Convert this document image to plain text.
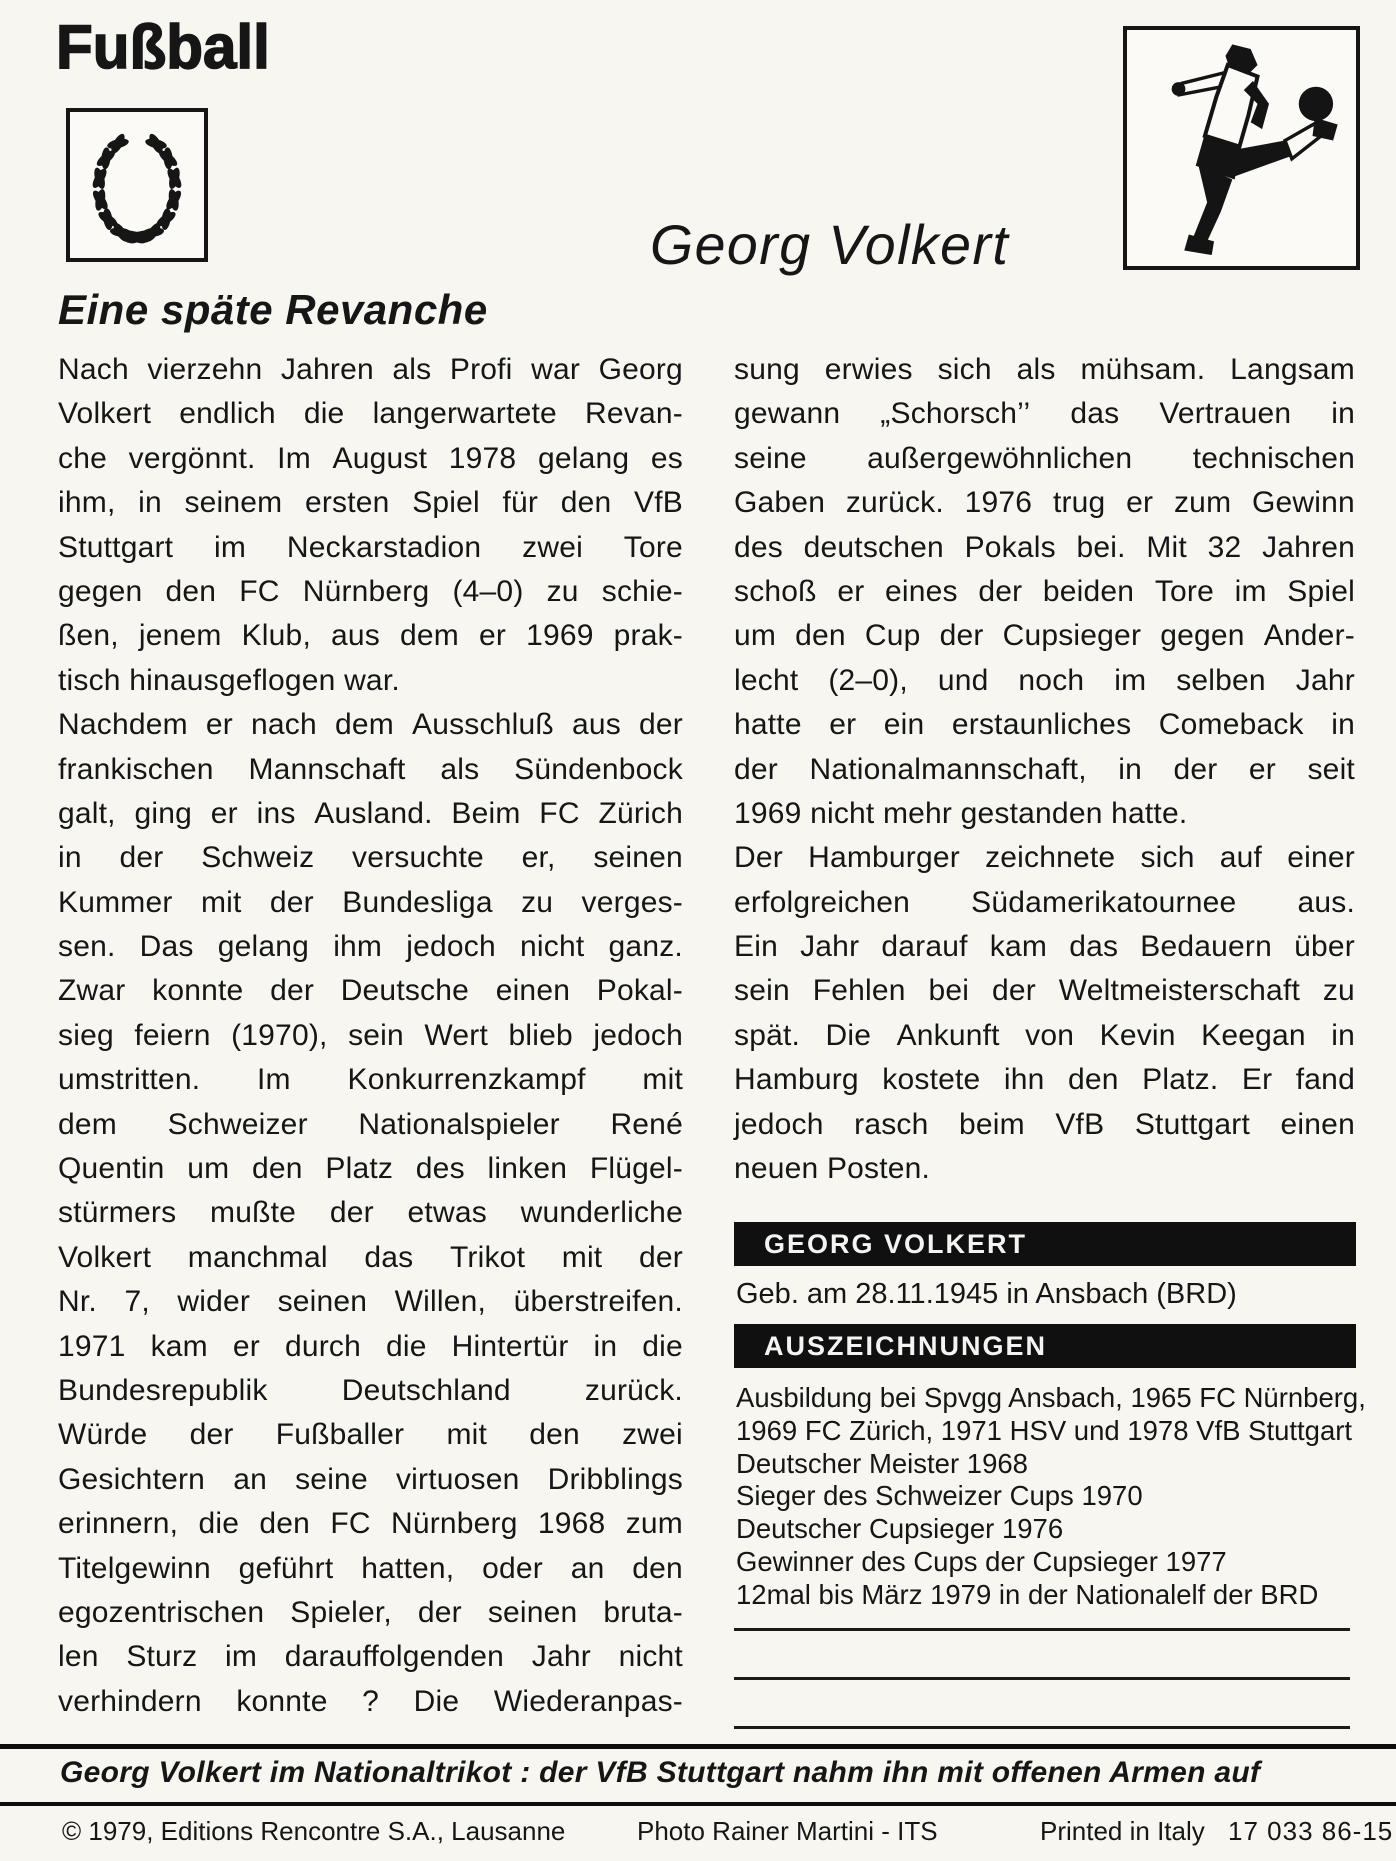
Fußball
Georg Volkert
Eine späte Revanche
Nach vierzehn Jahren als Profi war Georg
Volkert endlich die langerwartete Revan-
che vergönnt. Im August 1978 gelang es
ihm, in seinem ersten Spiel für den VfB
Stuttgart im Neckarstadion zwei Tore
gegen den FC Nürnberg (4–0) zu schie-
ßen, jenem Klub, aus dem er 1969 prak-
tisch hinausgeflogen war.
Nachdem er nach dem Ausschluß aus der
frankischen Mannschaft als Sündenbock
galt, ging er ins Ausland. Beim FC Zürich
in der Schweiz versuchte er, seinen
Kummer mit der Bundesliga zu verges-
sen. Das gelang ihm jedoch nicht ganz.
Zwar konnte der Deutsche einen Pokal-
sieg feiern (1970), sein Wert blieb jedoch
umstritten. Im Konkurrenzkampf mit
dem Schweizer Nationalspieler René
Quentin um den Platz des linken Flügel-
stürmers mußte der etwas wunderliche
Volkert manchmal das Trikot mit der
Nr. 7, wider seinen Willen, überstreifen.
1971 kam er durch die Hintertür in die
Bundesrepublik Deutschland zurück.
Würde der Fußballer mit den zwei
Gesichtern an seine virtuosen Dribblings
erinnern, die den FC Nürnberg 1968 zum
Titelgewinn geführt hatten, oder an den
egozentrischen Spieler, der seinen bruta-
len Sturz im darauffolgenden Jahr nicht
verhindern konnte ? Die Wiederanpas-
sung erwies sich als mühsam. Langsam
gewann „Schorsch’’ das Vertrauen in
seine außergewöhnlichen technischen
Gaben zurück. 1976 trug er zum Gewinn
des deutschen Pokals bei. Mit 32 Jahren
schoß er eines der beiden Tore im Spiel
um den Cup der Cupsieger gegen Ander-
lecht (2–0), und noch im selben Jahr
hatte er ein erstaunliches Comeback in
der Nationalmannschaft, in der er seit
1969 nicht mehr gestanden hatte.
Der Hamburger zeichnete sich auf einer
erfolgreichen Südamerikatournee aus.
Ein Jahr darauf kam das Bedauern über
sein Fehlen bei der Weltmeisterschaft zu
spät. Die Ankunft von Kevin Keegan in
Hamburg kostete ihn den Platz. Er fand
jedoch rasch beim VfB Stuttgart einen
neuen Posten.
GEORG VOLKERT
Geb. am 28.11.1945 in Ansbach (BRD)
AUSZEICHNUNGEN
Ausbildung bei Spvgg Ansbach, 1965 FC Nürnberg,
1969 FC Zürich, 1971 HSV und 1978 VfB Stuttgart
Deutscher Meister 1968
Sieger des Schweizer Cups 1970
Deutscher Cupsieger 1976
Gewinner des Cups der Cupsieger 1977
12mal bis März 1979 in der Nationalelf der BRD
Georg Volkert im Nationaltrikot : der VfB Stuttgart nahm ihn mit offenen Armen auf
© 1979, Editions Rencontre S.A., Lausanne	Photo Rainer Martini - ITS	Printed in Italy 17 033 86-15
